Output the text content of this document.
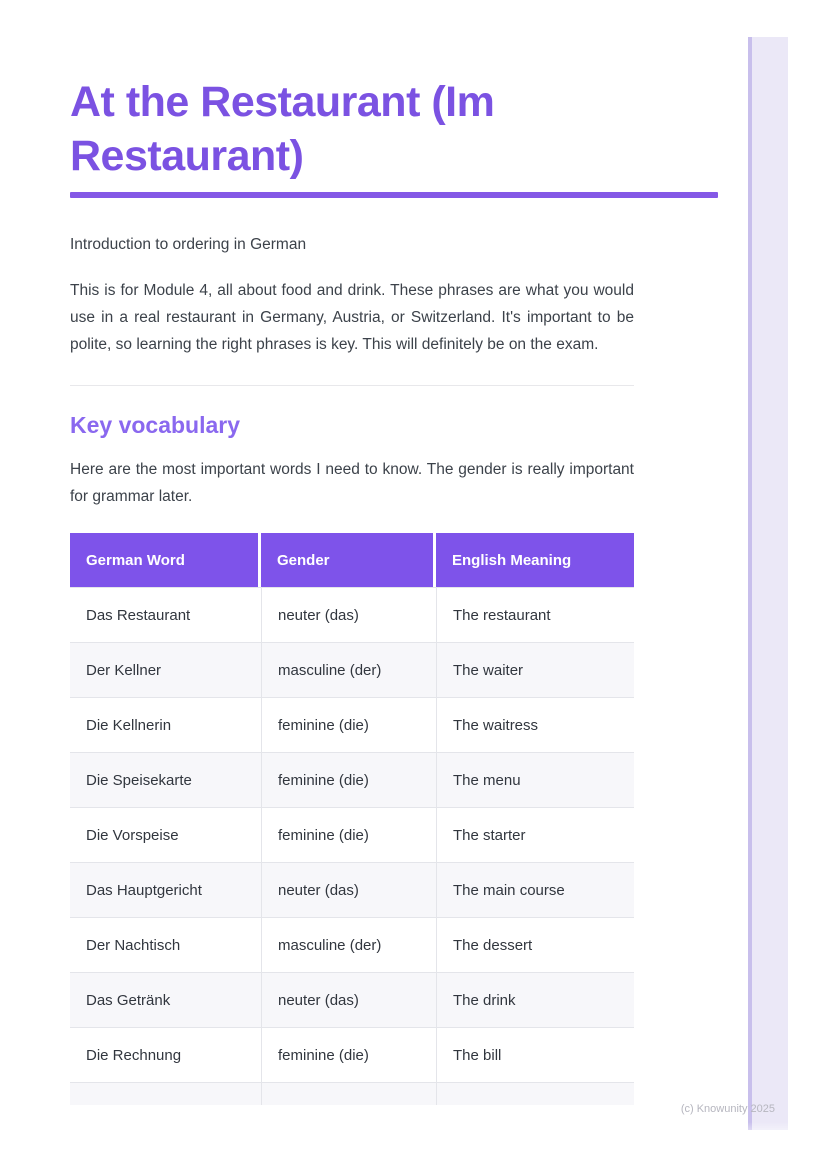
At the Restaurant (Im Restaurant)

Introduction to ordering in German

This is for Module 4, all about food and drink. These phrases are what you would use in a real restaurant in Germany, Austria, or Switzerland. It's important to be polite, so learning the right phrases is key. This will definitely be on the exam.

Key vocabulary

Here are the most important words I need to know. The gender is really important for grammar later.

German Word	Gender	English Meaning
Das Restaurant	neuter (das)	The restaurant
Der Kellner	masculine (der)	The waiter
Die Kellnerin	feminine (die)	The waitress
Die Speisekarte	feminine (die)	The menu
Die Vorspeise	feminine (die)	The starter
Das Hauptgericht	neuter (das)	The main course
Der Nachtisch	masculine (der)	The dessert
Das Getränk	neuter (das)	The drink
Die Rechnung	feminine (die)	The bill

(c) Knowunity 2025
